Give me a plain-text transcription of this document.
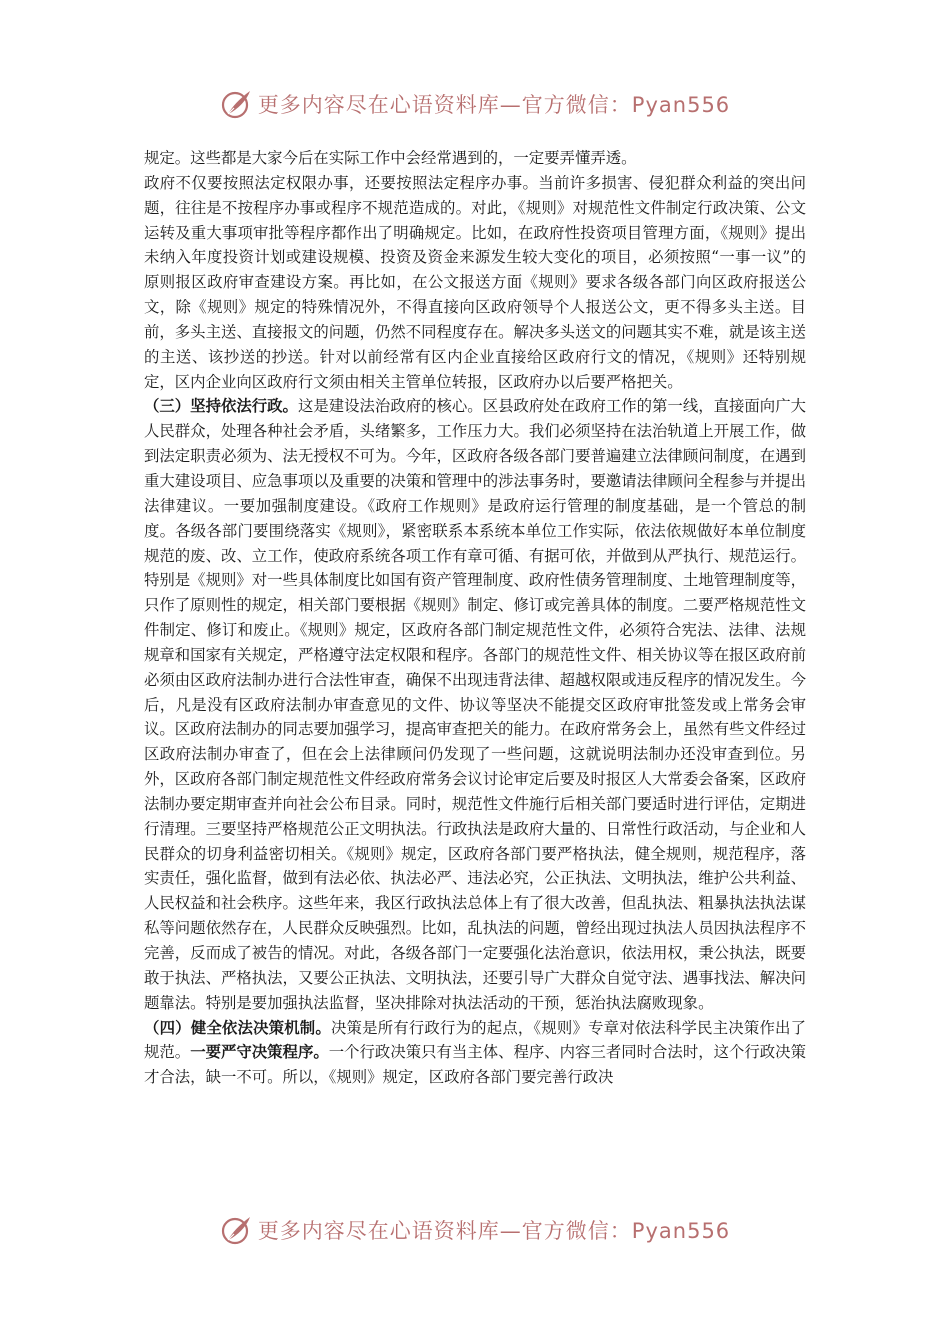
更多内容尽在心语资料库—官方微信：Pyan556

规定。这些都是大家今后在实际工作中会经常遇到的，一定要弄懂弄透。

政府不仅要按照法定权限办事，还要按照法定程序办事。当前许多损害、侵犯群众利益的突出问题，往往是不按程序办事或程序不规范造成的。对此，《规则》对规范性文件制定行政决策、公文运转及重大事项审批等程序都作出了明确规定。比如，在政府性投资项目管理方面，《规则》提出未纳入年度投资计划或建设规模、投资及资金来源发生较大变化的项目，必须按照“一事一议”的原则报区政府审查建设方案。再比如，在公文报送方面《规则》要求各级各部门向区政府报送公文，除《规则》规定的特殊情况外，不得直接向区政府领导个人报送公文，更不得多头主送。目前，多头主送、直接报文的问题，仍然不同程度存在。解决多头送文的问题其实不难，就是该主送的主送、该抄送的抄送。针对以前经常有区内企业直接给区政府行文的情况，《规则》还特别规定，区内企业向区政府行文须由相关主管单位转报，区政府办以后要严格把关。

（三）坚持依法行政。这是建设法治政府的核心。区县政府处在政府工作的第一线，直接面向广大人民群众，处理各种社会矛盾，头绪繁多，工作压力大。我们必须坚持在法治轨道上开展工作，做到法定职责必须为、法无授权不可为。今年，区政府各级各部门要普遍建立法律顾问制度，在遇到重大建设项目、应急事项以及重要的决策和管理中的涉法事务时，要邀请法律顾问全程参与并提出法律建议。一要加强制度建设。《政府工作规则》是政府运行管理的制度基础，是一个管总的制度。各级各部门要围绕落实《规则》，紧密联系本系统本单位工作实际，依法依规做好本单位制度规范的废、改、立工作，使政府系统各项工作有章可循、有据可依，并做到从严执行、规范运行。特别是《规则》对一些具体制度比如国有资产管理制度、政府性债务管理制度、土地管理制度等，只作了原则性的规定，相关部门要根据《规则》制定、修订或完善具体的制度。二要严格规范性文件制定、修订和废止。《规则》规定，区政府各部门制定规范性文件，必须符合宪法、法律、法规规章和国家有关规定，严格遵守法定权限和程序。各部门的规范性文件、相关协议等在报区政府前必须由区政府法制办进行合法性审查，确保不出现违背法律、超越权限或违反程序的情况发生。今后，凡是没有区政府法制办审查意见的文件、协议等坚决不能提交区政府审批签发或上常务会审议。区政府法制办的同志要加强学习，提高审查把关的能力。在政府常务会上，虽然有些文件经过区政府法制办审查了，但在会上法律顾问仍发现了一些问题，这就说明法制办还没审查到位。另外，区政府各部门制定规范性文件经政府常务会议讨论审定后要及时报区人大常委会备案，区政府法制办要定期审查并向社会公布目录。同时，规范性文件施行后相关部门要适时进行评估，定期进行清理。三要坚持严格规范公正文明执法。行政执法是政府大量的、日常性行政活动，与企业和人民群众的切身利益密切相关。《规则》规定，区政府各部门要严格执法，健全规则，规范程序，落实责任，强化监督，做到有法必依、执法必严、违法必究，公正执法、文明执法，维护公共利益、人民权益和社会秩序。这些年来，我区行政执法总体上有了很大改善，但乱执法、粗暴执法执法谋私等问题依然存在，人民群众反映强烈。比如，乱执法的问题，曾经出现过执法人员因执法程序不完善，反而成了被告的情况。对此，各级各部门一定要强化法治意识，依法用权，秉公执法，既要敢于执法、严格执法，又要公正执法、文明执法，还要引导广大群众自觉守法、遇事找法、解决问题靠法。特别是要加强执法监督，坚决排除对执法活动的干预，惩治执法腐败现象。

（四）健全依法决策机制。决策是所有行政行为的起点，《规则》专章对依法科学民主决策作出了规范。一要严守决策程序。一个行政决策只有当主体、程序、内容三者同时合法时，这个行政决策才合法，缺一不可。所以，《规则》规定，区政府各部门要完善行政决

更多内容尽在心语资料库—官方微信：Pyan556
